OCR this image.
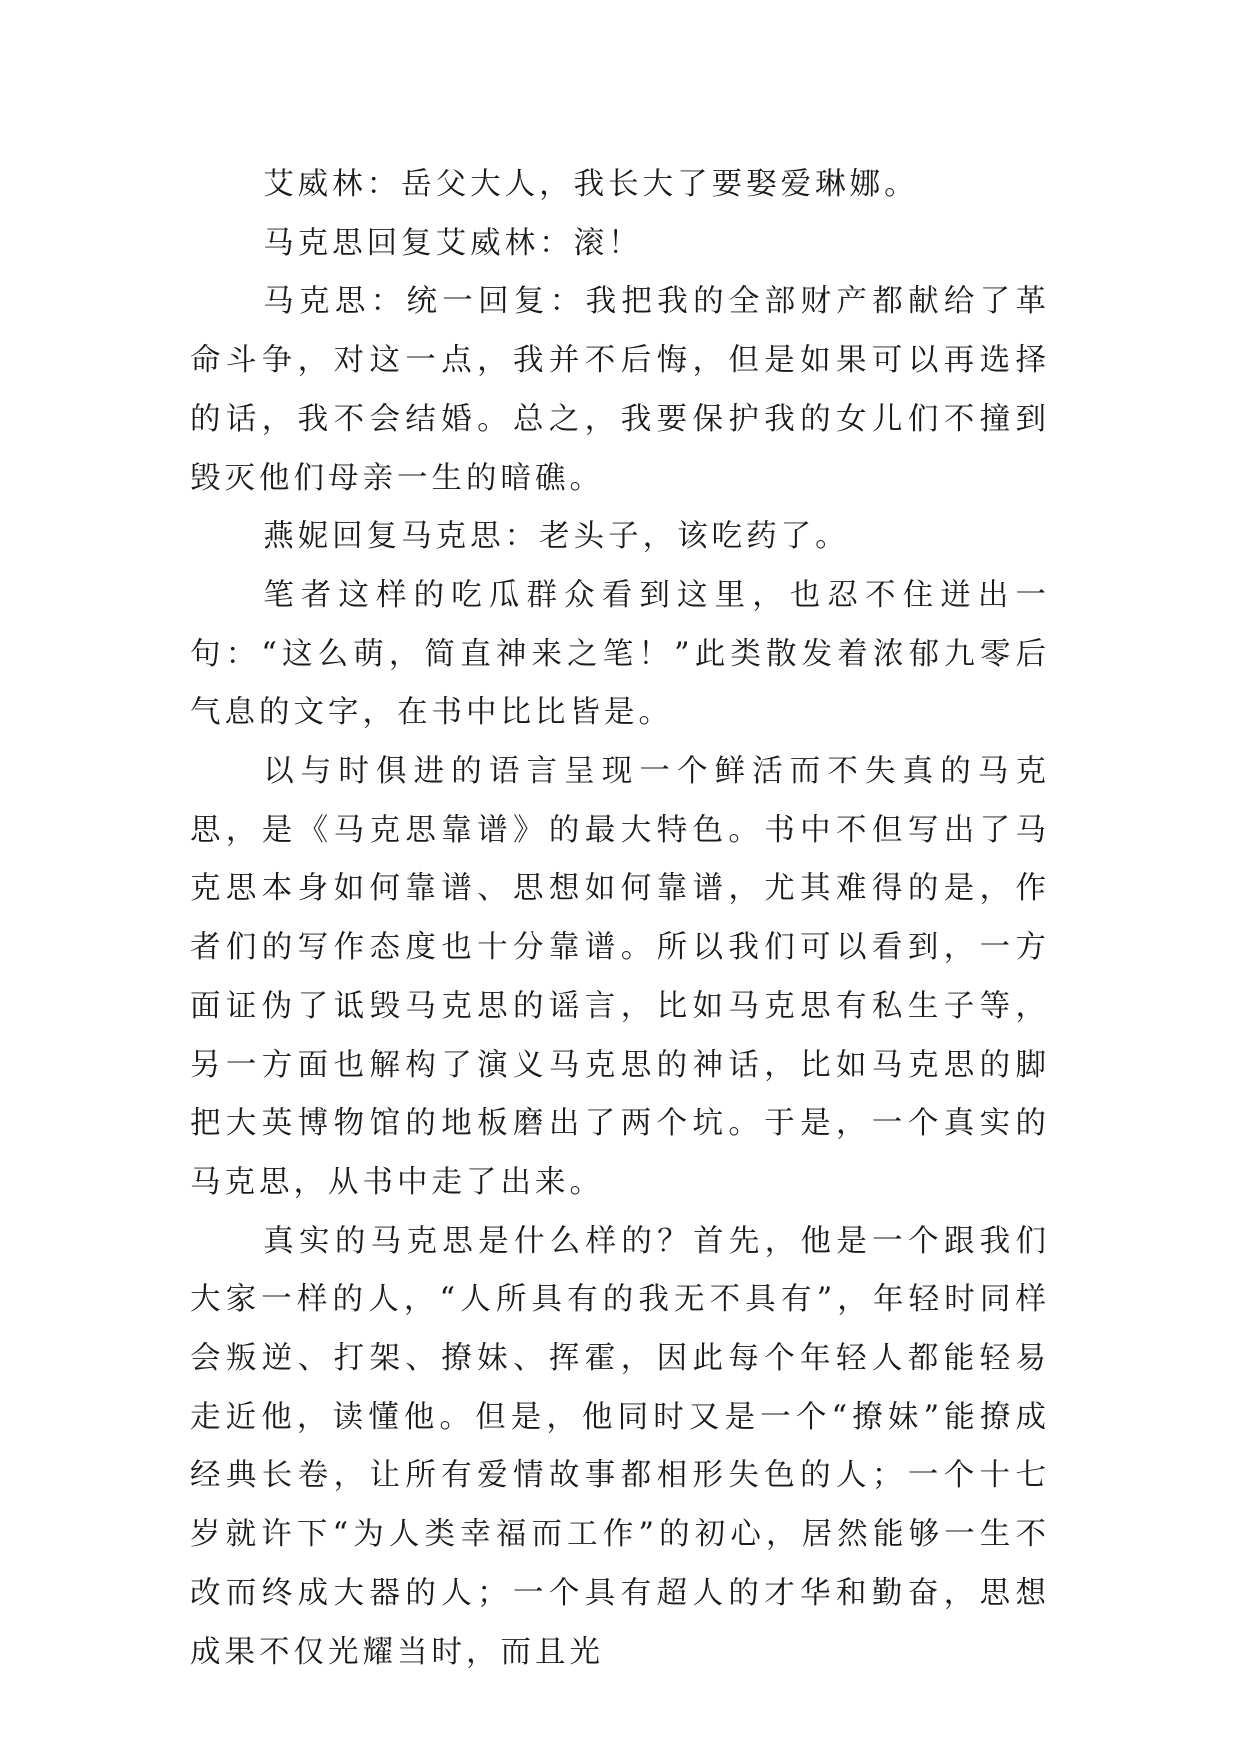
艾威林：岳父大人，我长大了要娶爱琳娜。

马克思回复艾威林：滚！

马克思：统一回复：我把我的全部财产都献给了革命斗争，对这一点，我并不后悔，但是如果可以再选择的话，我不会结婚。总之，我要保护我的女儿们不撞到毁灭他们母亲一生的暗礁。

燕妮回复马克思：老头子，该吃药了。

笔者这样的吃瓜群众看到这里，也忍不住迸出一句：“这么萌，简直神来之笔！”此类散发着浓郁九零后气息的文字，在书中比比皆是。

以与时俱进的语言呈现一个鲜活而不失真的马克思，是《马克思靠谱》的最大特色。书中不但写出了马克思本身如何靠谱、思想如何靠谱，尤其难得的是，作者们的写作态度也十分靠谱。所以我们可以看到，一方面证伪了诋毁马克思的谣言，比如马克思有私生子等，另一方面也解构了演义马克思的神话，比如马克思的脚把大英博物馆的地板磨出了两个坑。于是，一个真实的马克思，从书中走了出来。

真实的马克思是什么样的？首先，他是一个跟我们大家一样的人，“人所具有的我无不具有”，年轻时同样会叛逆、打架、撩妹、挥霍，因此每个年轻人都能轻易走近他，读懂他。但是，他同时又是一个“撩妹”能撩成经典长卷，让所有爱情故事都相形失色的人；一个十七岁就许下“为人类幸福而工作”的初心，居然能够一生不改而终成大器的人；一个具有超人的才华和勤奋，思想成果不仅光耀当时，而且光
